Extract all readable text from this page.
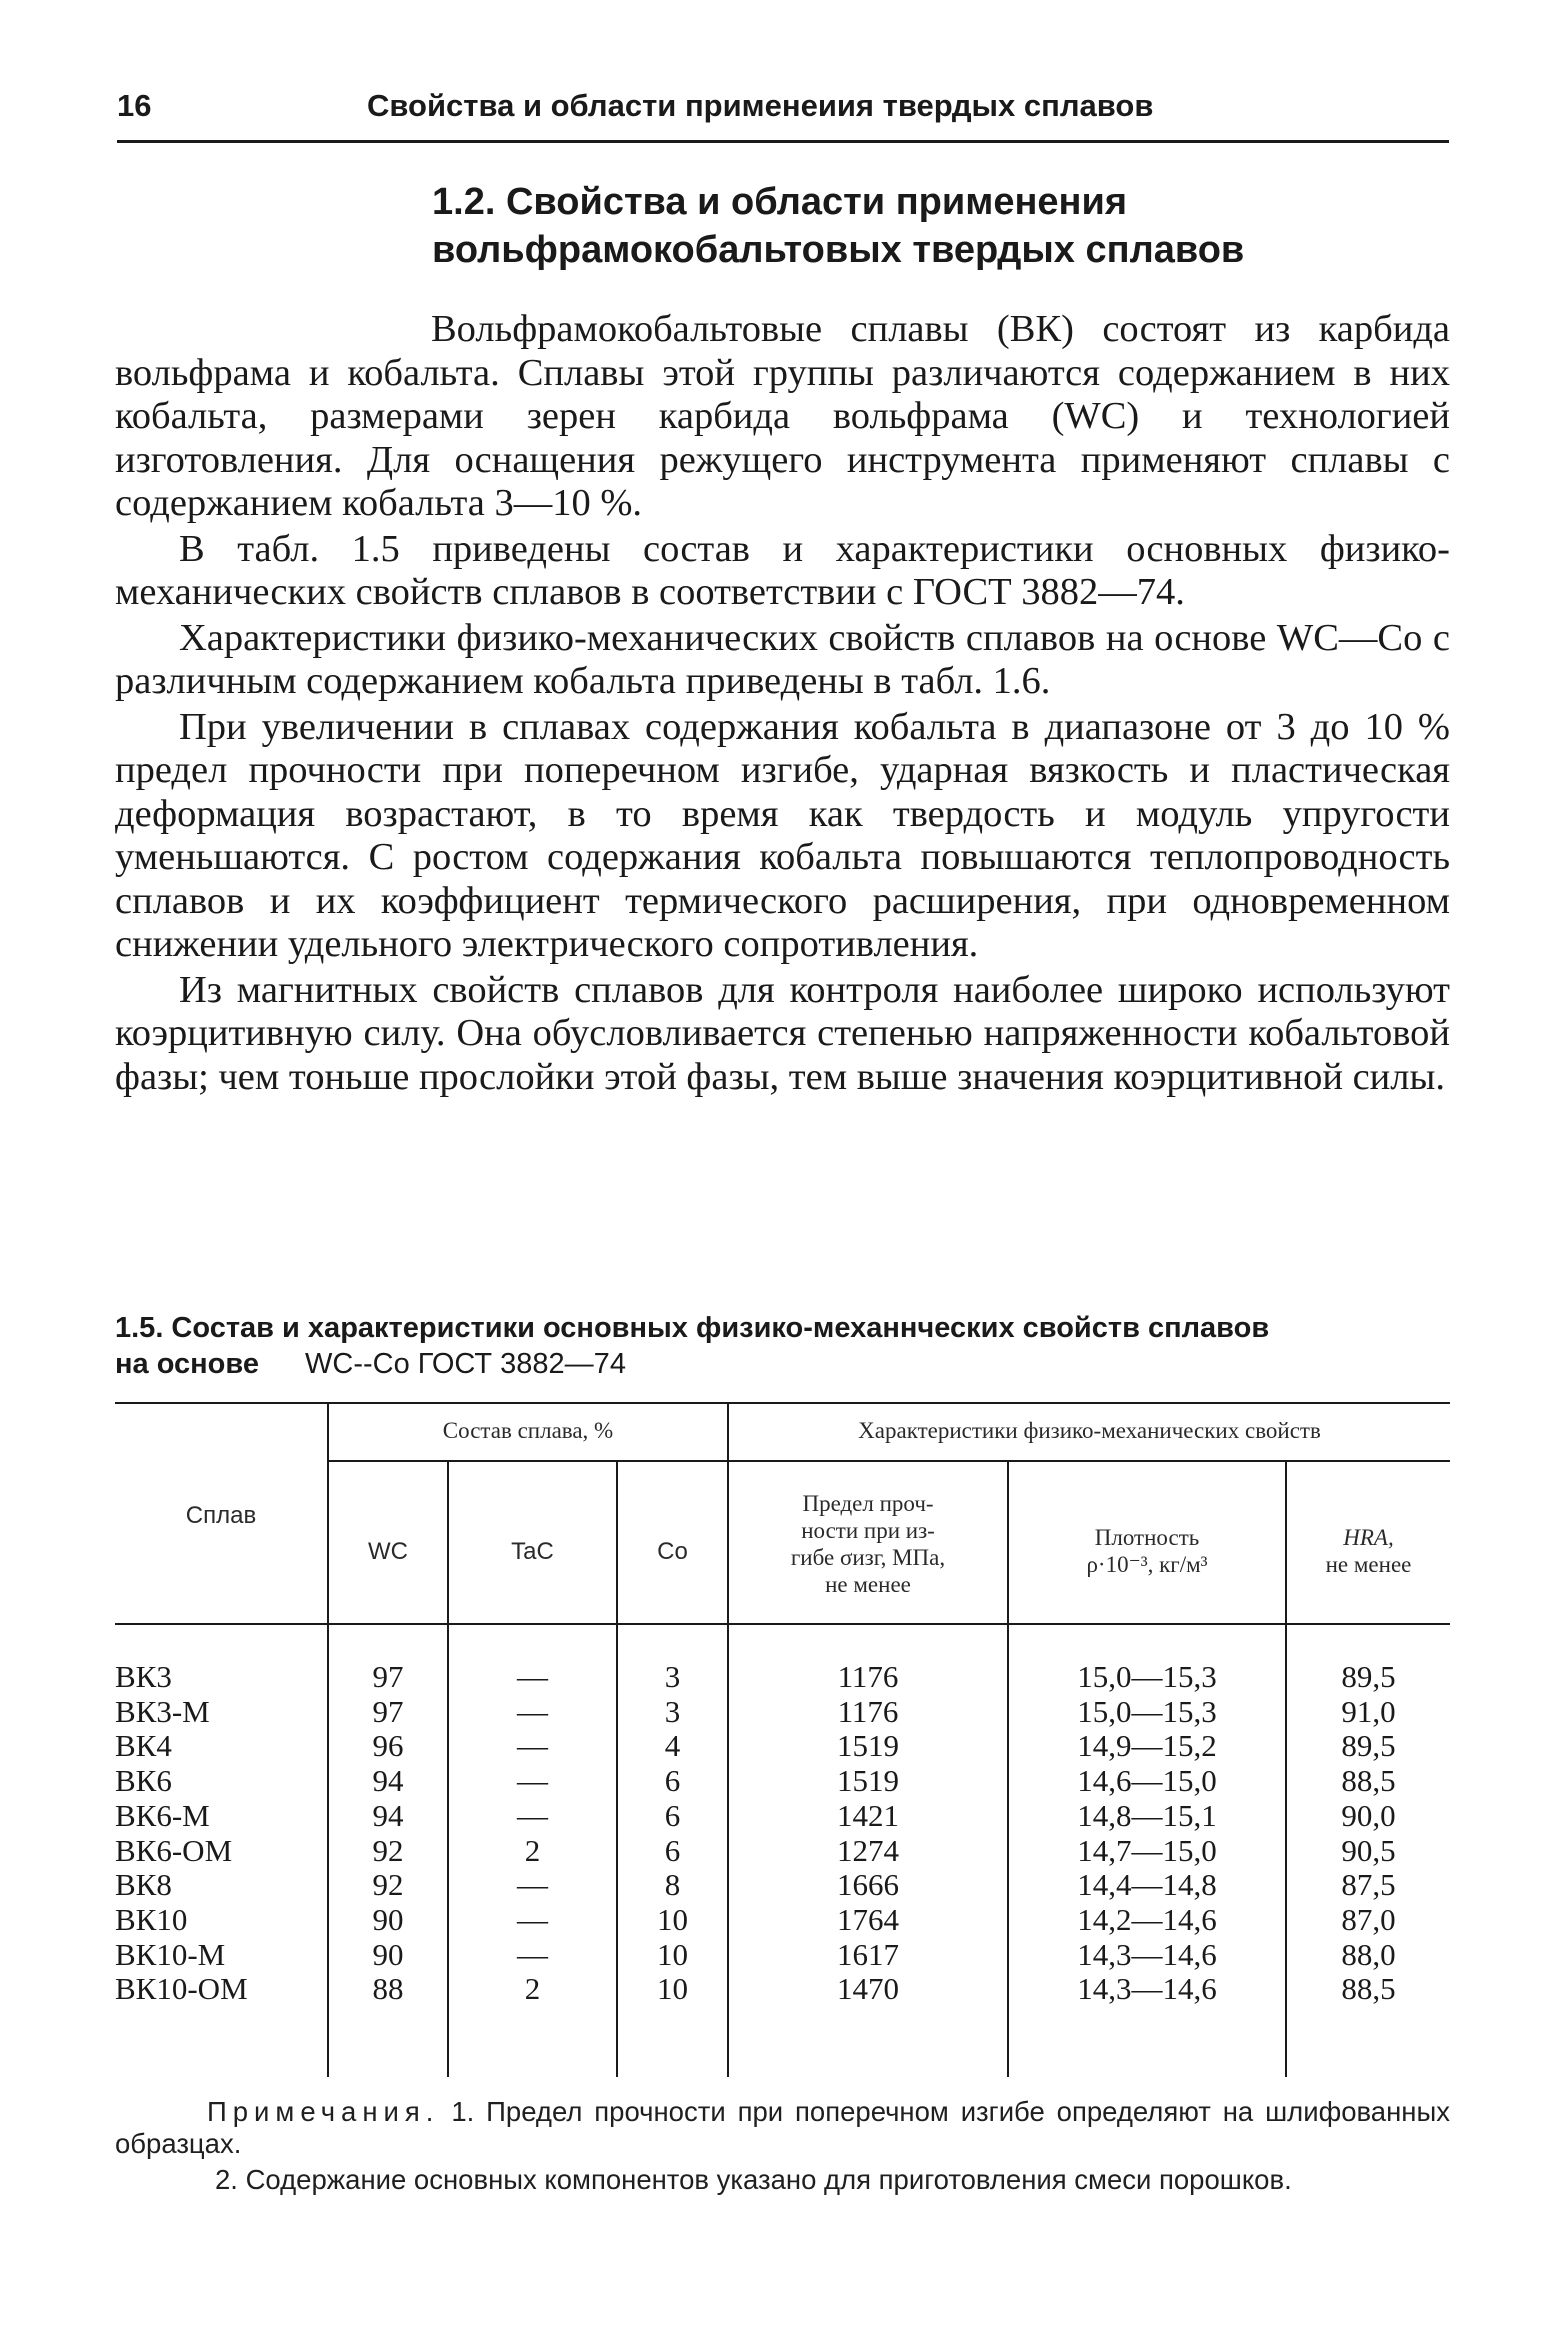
16	Свойства и области применеиия твердых сплавов
1.2. Свойства и области применения
вольфрамокобальтовых твердых сплавов

Вольфрамокобальтовые сплавы (ВК) состоят из карбида вольфрама и кобальта. Сплавы этой группы различаются содержанием в них кобальта, размерами зерен карбида вольфрама (WC) и технологией изготовления. Для оснащения режущего инструмента применяют сплавы с содержанием кобальта 3—10 %.

В табл. 1.5 приведены состав и характеристики основных физико-механических свойств сплавов в соответствии с ГОСТ 3882—74.

Характеристики физико-механических свойств сплавов на основе WC—Co с различным содержанием кобальта приведены в табл. 1.6.

При увеличении в сплавах содержания кобальта в диапазоне от 3 до 10 % предел прочности при поперечном изгибе, ударная вязкость и пластическая деформация возрастают, в то время как твердость и модуль упругости уменьшаются. С ростом содержания кобальта повышаются теплопроводность сплавов и их коэффициент термического расширения, при одновременном снижении удельного электрического сопротивления.

Из магнитных свойств сплавов для контроля наиболее широко используют коэрцитивную силу. Она обусловливается степенью напряженности кобальтовой фазы; чем тоньше прослойки этой фазы, тем выше значения коэрцитивной силы.

1.5. Состав и характеристики основных физико-механнческих свойств сплавов
на основе WC--Co ГОСТ 3882—74
Сплав
Состав сплава, %	Характеристики физико-механических свойств
WC	TaC	Co
Предел проч-
ности при из-
гибе σизг, МПа,
не менее
Плотность
ρ·10⁻³, кг/м³
HRA,
не менее
ВК3	97	—	3	1176	15,0—15,3	89,5
ВК3-М	97	—	3	1176	15,0—15,3	91,0
ВК4	96	—	4	1519	14,9—15,2	89,5
ВК6	94	—	6	1519	14,6—15,0	88,5
ВК6-М	94	—	6	1421	14,8—15,1	90,0
ВК6-ОМ	92	2	6	1274	14,7—15,0	90,5
ВК8	92	—	8	1666	14,4—14,8	87,5
ВК10	90	—	10	1764	14,2—14,6	87,0
ВК10-М	90	—	10	1617	14,3—14,6	88,0
ВК10-ОМ	88	2	10	1470	14,3—14,6	88,5

Примечания. 1. Предел прочности при поперечном изгибе определяют на шлифованных образцах.

2. Содержание основных компонентов указано для приготовления смеси порошков.
